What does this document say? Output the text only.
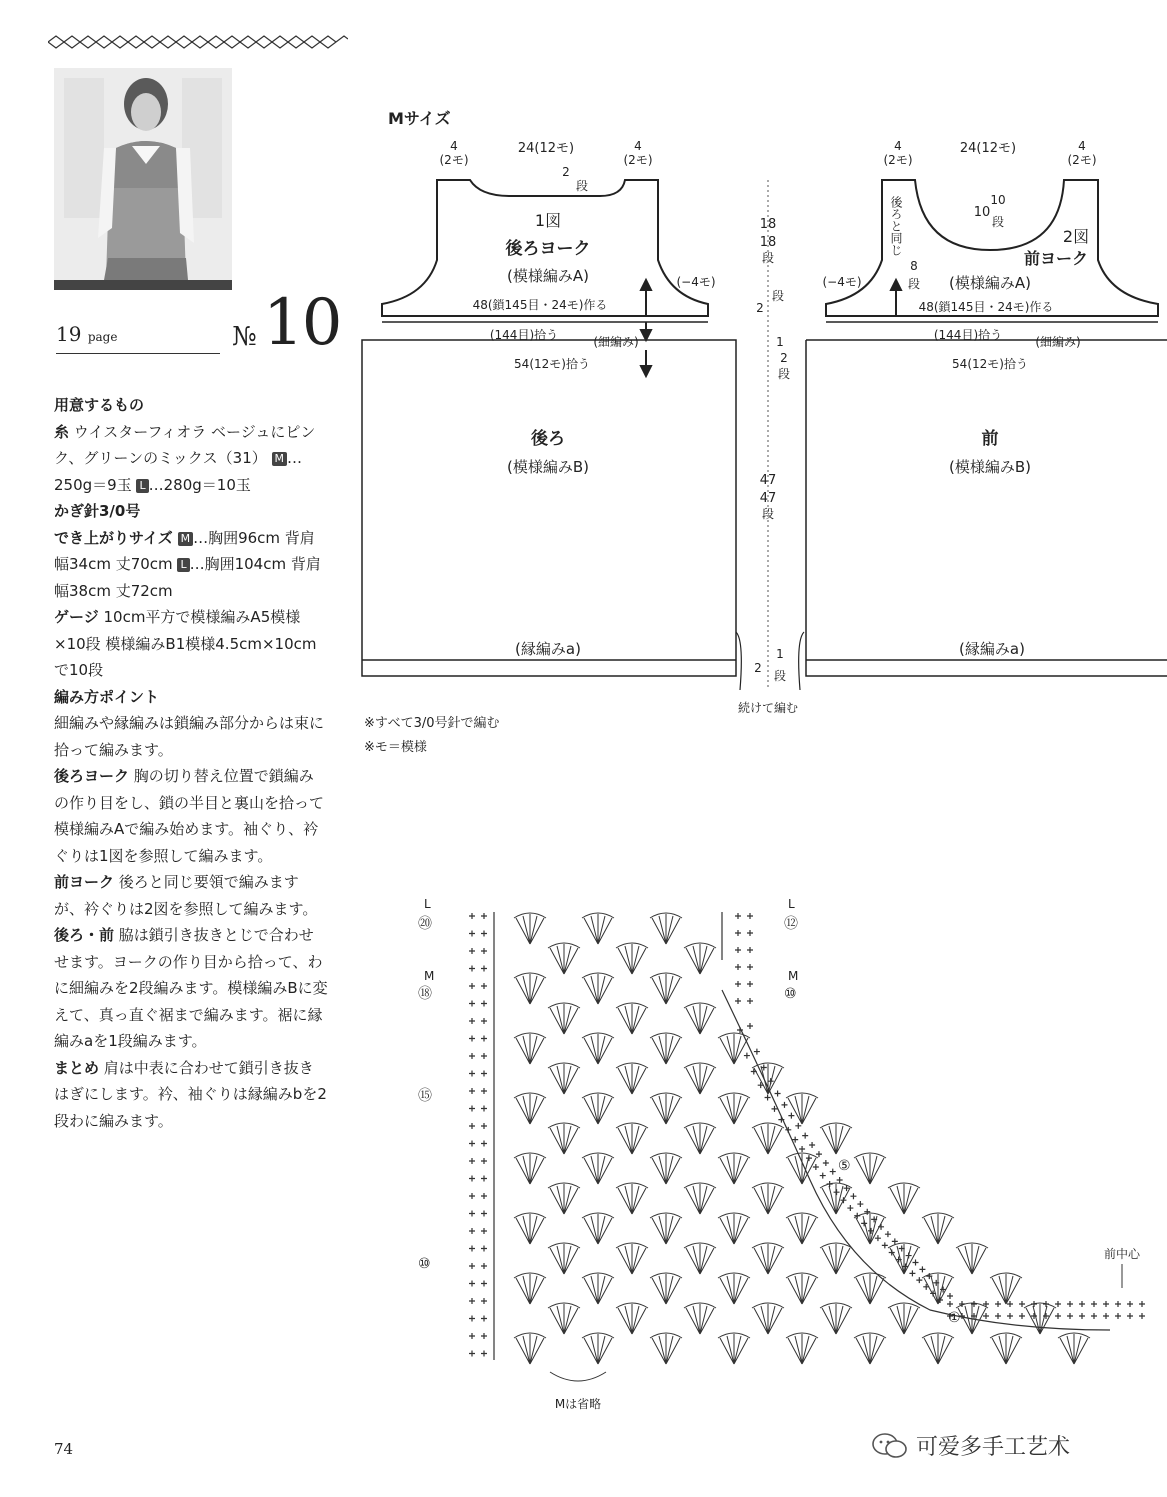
19 page	№ 10

用意するもの

糸 ウイスターフィオラ ベージュにピンク、グリーンのミックス（31） M …250g＝9玉 L …280g＝10玉

かぎ針3/0号

でき上がりサイズ M …胸囲96cm 背肩幅34cm 丈70cm L …胸囲104cm 背肩幅38cm 丈72cm

ゲージ 10cm平方で模様編みA5模様×10段 模様編みB1模様4.5cm×10cmで10段

編み方ポイント

細編みや縁編みは鎖編み部分からは束に拾って編みます。

後ろヨーク 胸の切り替え位置で鎖編みの作り目をし、鎖の半目と裏山を拾って模様編みAで編み始めます。袖ぐり、衿ぐりは1図を参照して編みます。

前ヨーク 後ろと同じ要領で編みますが、衿ぐりは2図を参照して編みます。

後ろ・前 脇は鎖引き抜きとじで合わせせます。ヨークの作り目から拾って、わに細編みを2段編みます。模様編みBに変えて、真っ直ぐ裾まで編みます。裾に縁編みaを1段編みます。

まとめ 肩は中表に合わせて鎖引き抜きはぎにします。衿、袖ぐりは縁編みbを2段わに編みます。

Mサイズ
4
(2モ)
24(12モ)	4
(2モ)
2
段
1図
後ろヨーク
(模様編みA)	(−4モ)
48(鎖145目・24モ)作る
(144目)拾う	(細編み)
54(12モ)拾う
後ろ
(模様編みB)
(縁編みa)
18
18
段
2
段
1
2
段
47
47
段
2
1
段
続けて編む
4
(2モ)
24(12モ)	4
(2モ)
10
10
段
後ろと同じ
8
段
2図
前ヨーク
(模様編みA)
(−4モ)
48(鎖145目・24モ)作る
(144目)拾う	(細編み)
54(12モ)拾う
前
(模様編みB)
(縁編みa)

※すべて3/0号針で編む

※モ＝模様

L
⑳
M
⑱
⑮
⑩
L
⑫
M
⑩
⑤
①
前中心
Mは省略
74	可爱多手工艺术
